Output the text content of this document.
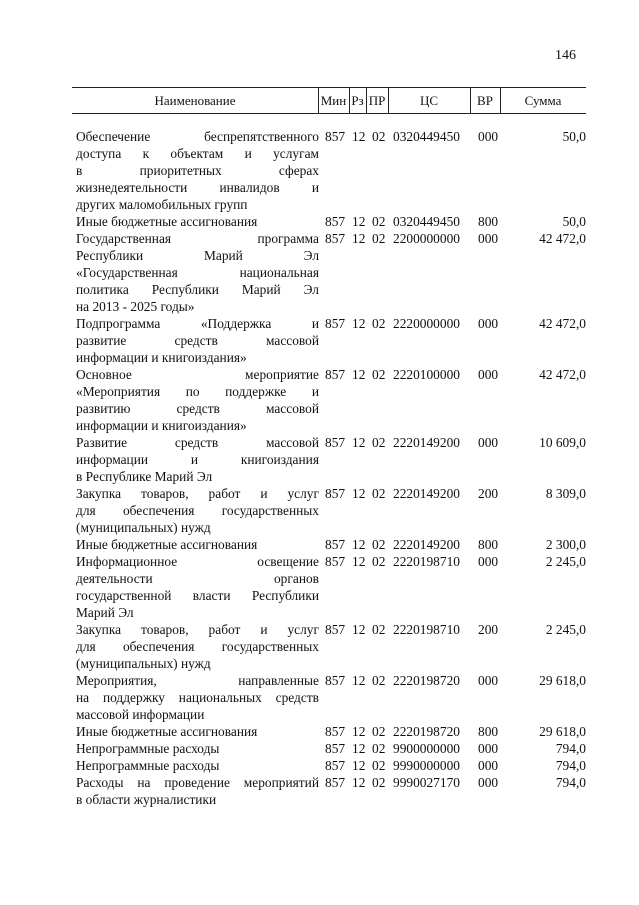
146
Наименование	Мин Рз ПР	ЦС	ВР	Сумма
Обеспечение беспрепятственного
доступа к объектам и услугам
в приоритетных сферах
жизнедеятельности инвалидов и
других маломобильных групп
857 12 02 0320449450 000	50,0
Иные бюджетные ассигнования	857 12 02 0320449450 800	50,0
Государственная программа
Республики Марий Эл
«Государственная национальная
политика Республики Марий Эл
на 2013 - 2025 годы»
857 12 02 2200000000 000	42 472,0
Подпрограмма «Поддержка и
развитие средств массовой
информации и книгоиздания»
857 12 02 2220000000 000	42 472,0
Основное мероприятие
«Мероприятия по поддержке и
развитию средств массовой
информации и книгоиздания»
857 12 02 2220100000 000	42 472,0
Развитие средств массовой
информации и книгоиздания
в Республике Марий Эл
857 12 02 2220149200 000	10 609,0
Закупка товаров, работ и услуг
для обеспечения государственных
(муниципальных) нужд
857 12 02 2220149200 200	8 309,0
Иные бюджетные ассигнования	857 12 02 2220149200 800	2 300,0
Информационное освещение
деятельности органов
государственной власти Республики
Марий Эл
857 12 02 2220198710 000	2 245,0
Закупка товаров, работ и услуг
для обеспечения государственных
(муниципальных) нужд
857 12 02 2220198710 200	2 245,0
Мероприятия, направленные
на поддержку национальных средств
массовой информации
857 12 02 2220198720 000	29 618,0
Иные бюджетные ассигнования	857 12 02 2220198720 800	29 618,0
Непрограммные расходы	857 12 02 9900000000 000	794,0
Непрограммные расходы	857 12 02 9990000000 000	794,0
Расходы на проведение мероприятий
в области журналистики
857 12 02 9990027170 000	794,0
